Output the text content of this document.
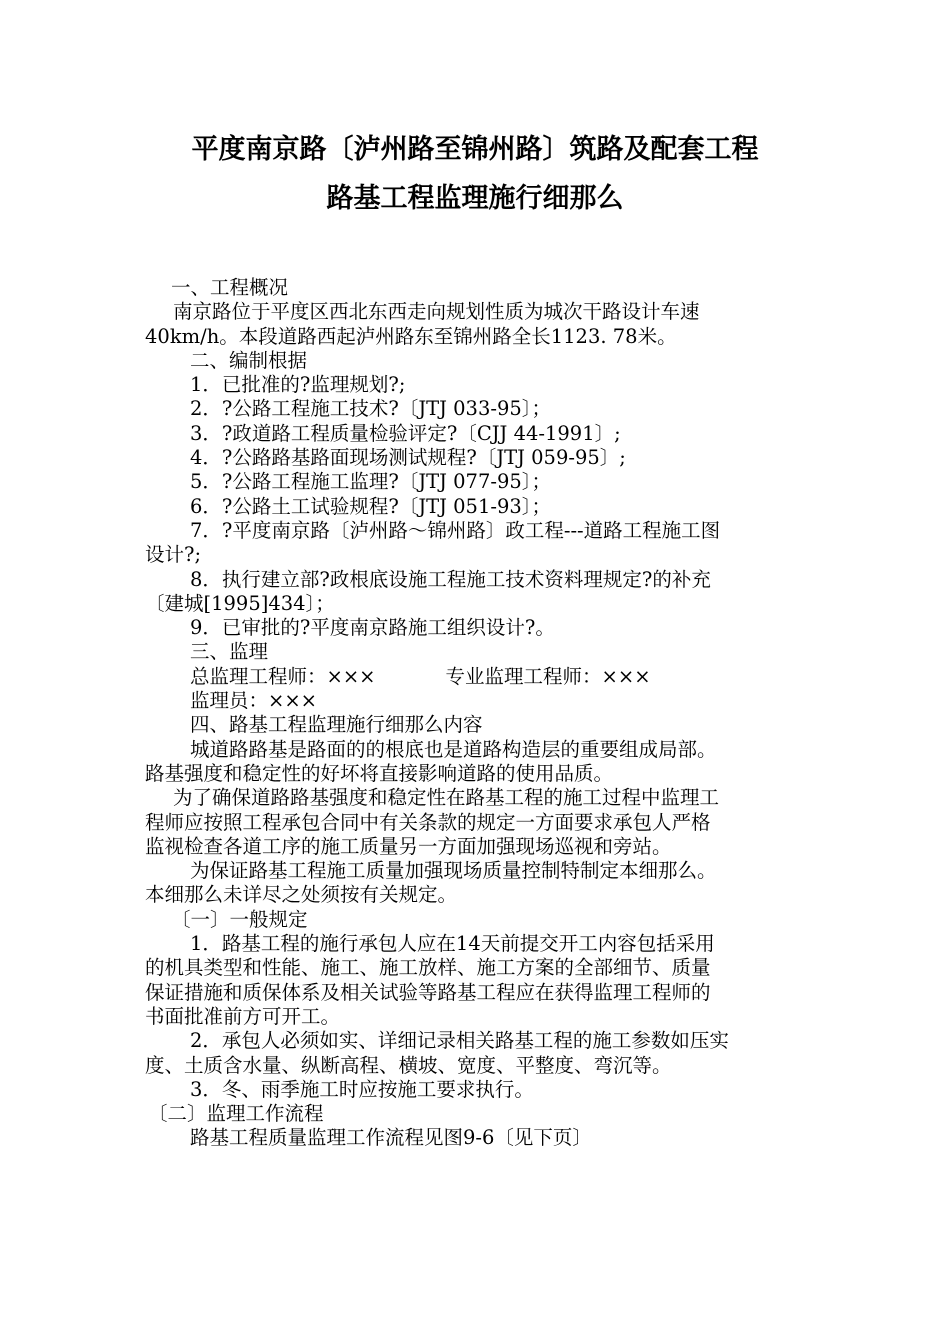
平度南京路〔泸州路至锦州路〕筑路及配套工程
路基工程监理施行细那么
一、工程概况
南京路位于平度区西北东西走向规划性质为城次干路设计车速
40km/h。本段道路西起泸州路东至锦州路全长1123. 78米。
二、编制根据
1．已批准的?监理规划?;
2．?公路工程施工技术?〔JTJ 033-95〕；
3．?政道路工程质量检验评定?〔CJJ 44-1991〕;
4．?公路路基路面现场测试规程?〔JTJ 059-95〕;
5．?公路工程施工监理?〔JTJ 077-95〕；
6．?公路土工试验规程?〔JTJ 051-93〕；
7．?平度南京路〔泸州路～锦州路〕政工程---道路工程施工图
设计?;
8．执行建立部?政根底设施工程施工技术资料理规定?的补充
〔建城[1995]434〕；
9．已审批的?平度南京路施工组织设计?。
三、监理
总监理工程师：×××	专业监理工程师：×××
监理员：×××
四、路基工程监理施行细那么内容
城道路路基是路面的的根底也是道路构造层的重要组成局部。
路基强度和稳定性的好坏将直接影响道路的使用品质。
为了确保道路路基强度和稳定性在路基工程的施工过程中监理工
程师应按照工程承包合同中有关条款的规定一方面要求承包人严格
监视检查各道工序的施工质量另一方面加强现场巡视和旁站。
为保证路基工程施工质量加强现场质量控制特制定本细那么。
本细那么未详尽之处须按有关规定。
〔一〕一般规定
1．路基工程的施行承包人应在14天前提交开工内容包括采用
的机具类型和性能、施工、施工放样、施工方案的全部细节、质量
保证措施和质保体系及相关试验等路基工程应在获得监理工程师的
书面批准前方可开工。
2．承包人必须如实、详细记录相关路基工程的施工参数如压实
度、土质含水量、纵断高程、横坡、宽度、平整度、弯沉等。
3．冬、雨季施工时应按施工要求执行。
〔二〕监理工作流程
路基工程质量监理工作流程见图9-6〔见下页〕
